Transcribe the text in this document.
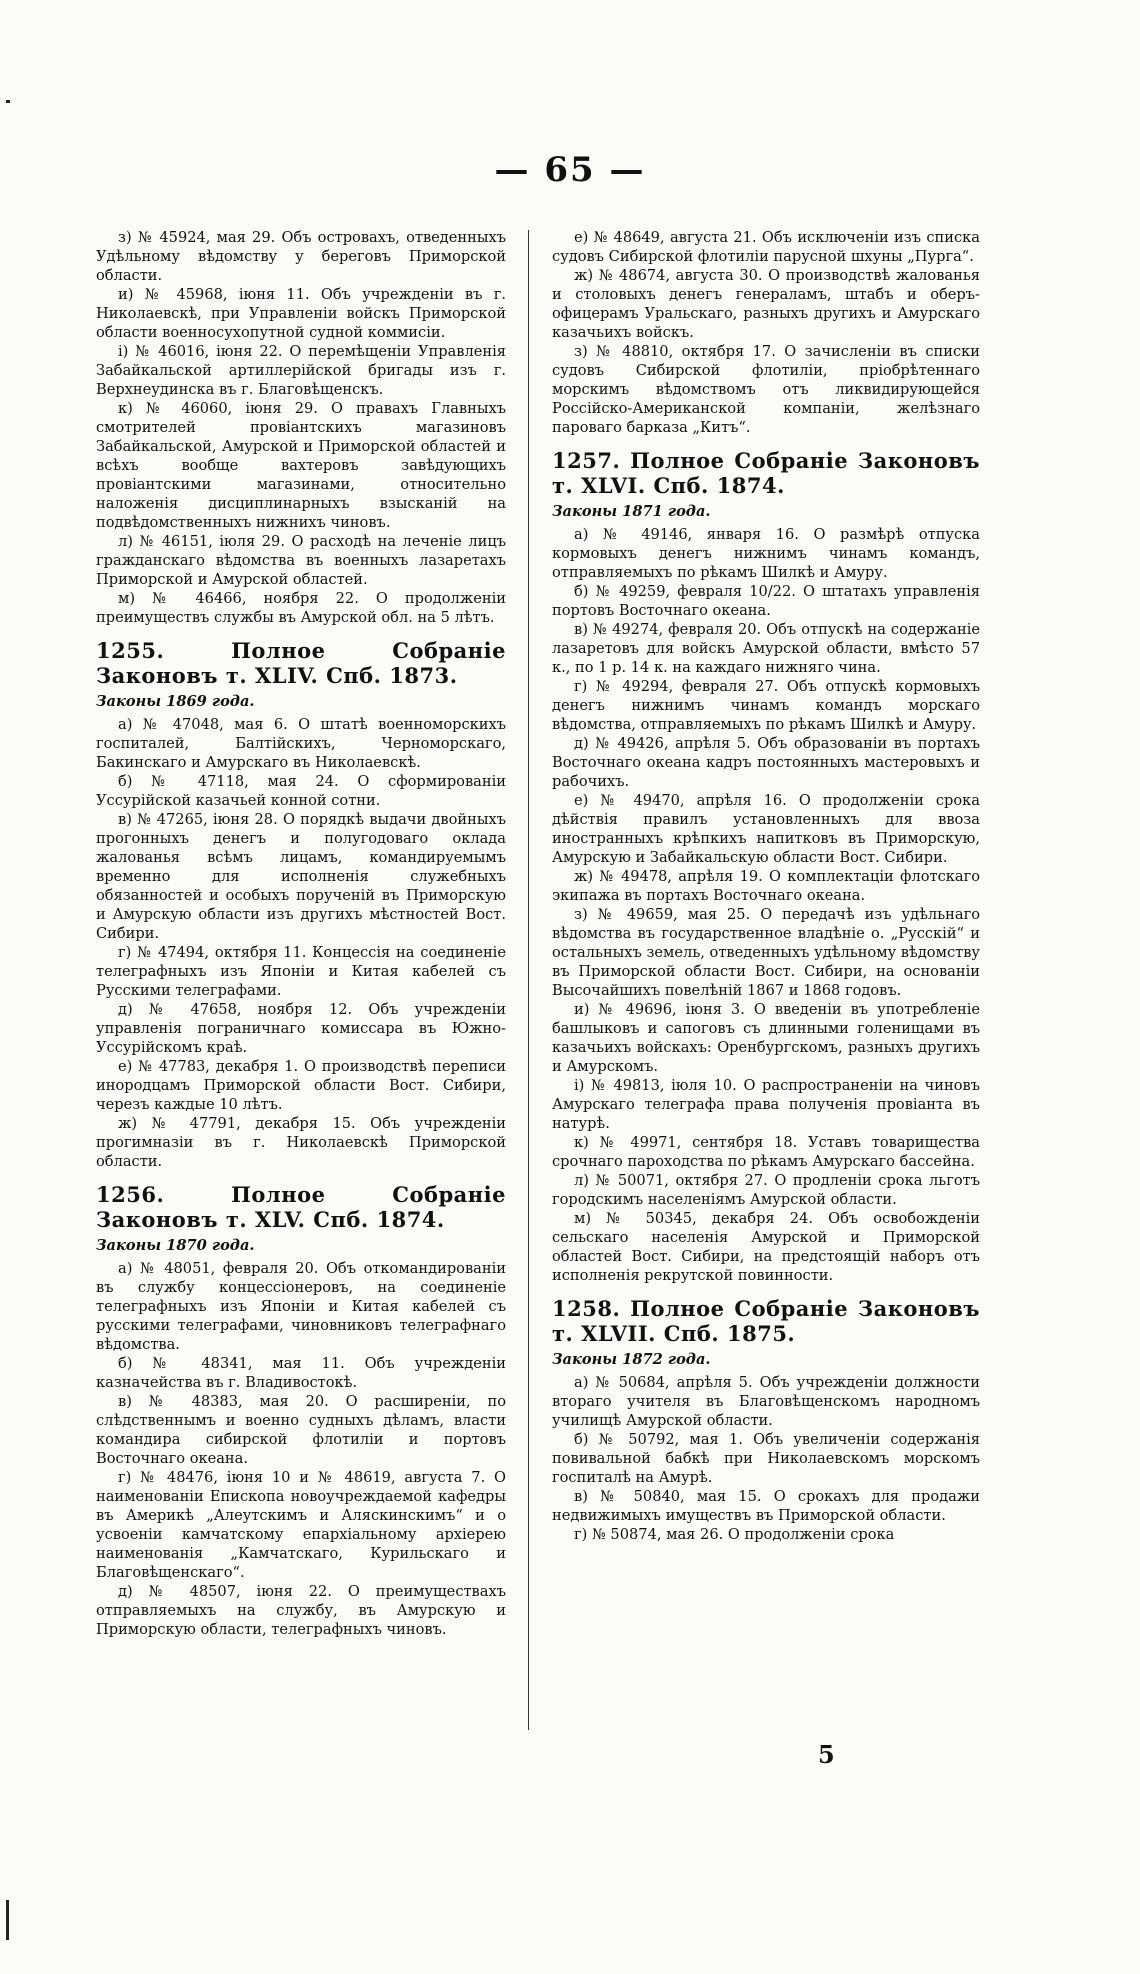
— 65 —

з) № 45924, мая 29. Объ островахъ, отведенныхъ Удѣльному вѣдомству у береговъ Приморской области.

и) № 45968, іюня 11. Объ учрежденіи въ г. Николаевскѣ, при Управленіи войскъ Приморской области военносухопутной судной коммисіи.

і) № 46016, іюня 22. О перемѣщеніи Управленія Забайкальской артиллерійской бригады изъ г. Верхнеудинска въ г. Благовѣщенскъ.

к) № 46060, іюня 29. О правахъ Главныхъ смотрителей провіантскихъ магазиновъ Забайкальской, Амурской и Приморской областей и всѣхъ вообще вахтеровъ завѣдующихъ провіантскими магазинами, относительно наложенія дисциплинарныхъ взысканій на подвѣдомственныхъ нижнихъ чиновъ.

л) № 46151, іюля 29. О расходѣ на леченіе лицъ гражданскаго вѣдомства въ военныхъ лазаретахъ Приморской и Амурской областей.

м) № 46466, ноября 22. О продолженіи преимуществъ службы въ Амурской обл. на 5 лѣтъ.

1255. Полное Собраніе Законовъ т. XLIV. Спб. 1873.

Законы 1869 года.

а) № 47048, мая 6. О штатѣ военноморскихъ госпиталей, Балтійскихъ, Черноморскаго, Бакинскаго и Амурскаго въ Николаевскѣ.

б) № 47118, мая 24. О сформированіи Уссурійской казачьей конной сотни.

в) № 47265, іюня 28. О порядкѣ выдачи двойныхъ прогонныхъ денегъ и полугодоваго оклада жалованья всѣмъ лицамъ, командируемымъ временно для исполненія служебныхъ обязанностей и особыхъ порученій въ Приморскую и Амурскую области изъ другихъ мѣстностей Вост. Сибири.

г) № 47494, октября 11. Концессія на соединеніе телеграфныхъ изъ Японіи и Китая кабелей съ Русскими телеграфами.

д) № 47658, ноября 12. Объ учрежденіи управленія пограничнаго комиссара въ Южно-Уссурійскомъ краѣ.

е) № 47783, декабря 1. О производствѣ переписи инородцамъ Приморской области Вост. Сибири, черезъ каждые 10 лѣтъ.

ж) № 47791, декабря 15. Объ учрежденіи прогимназіи въ г. Николаевскѣ Приморской области.

1256. Полное Собраніе Законовъ т. XLV. Спб. 1874.

Законы 1870 года.

а) № 48051, февраля 20. Объ откомандированіи въ службу концессіонеровъ, на соединеніе телеграфныхъ изъ Японіи и Китая кабелей съ русскими телеграфами, чиновниковъ телеграфнаго вѣдомства.

б) № 48341, мая 11. Объ учрежденіи казначейства въ г. Владивостокѣ.

в) № 48383, мая 20. О расширеніи, по слѣдственнымъ и военно судныхъ дѣламъ, власти командира сибирской флотиліи и портовъ Восточнаго океана.

г) № 48476, іюня 10 и № 48619, августа 7. О наименованіи Епископа новоучреждаемой кафедры въ Америкѣ „Алеутскимъ и Аляскинскимъ“ и о усвоеніи камчатскому епархіальному архіерею наименованія „Камчатскаго, Курильскаго и Благовѣщенскаго“.

д) № 48507, іюня 22. О преимуществахъ отправляемыхъ на службу, въ Амурскую и Приморскую области, телеграфныхъ чиновъ.

е) № 48649, августа 21. Объ исключеніи изъ списка судовъ Сибирской флотиліи парусной шхуны „Пурга“.

ж) № 48674, августа 30. О производствѣ жалованья и столовыхъ денегъ генераламъ, штабъ и оберъ-офицерамъ Уральскаго, разныхъ другихъ и Амурскаго казачьихъ войскъ.

з) № 48810, октября 17. О зачисленіи въ списки судовъ Сибирской флотиліи, пріобрѣтеннаго морскимъ вѣдомствомъ отъ ликвидирующейся Россійско-Американской компаніи, желѣзнаго пароваго барказа „Китъ“.

1257. Полное Собраніе Законовъ т. XLVI. Спб. 1874.

Законы 1871 года.

а) № 49146, января 16. О размѣрѣ отпуска кормовыхъ денегъ нижнимъ чинамъ командъ, отправляемыхъ по рѣкамъ Шилкѣ и Амуру.

б) № 49259, февраля 10/22. О штатахъ управленія портовъ Восточнаго океана.

в) № 49274, февраля 20. Объ отпускѣ на содержаніе лазаретовъ для войскъ Амурской области, вмѣсто 57 к., по 1 р. 14 к. на каждаго нижняго чина.

г) № 49294, февраля 27. Объ отпускѣ кормовыхъ денегъ нижнимъ чинамъ командъ морскаго вѣдомства, отправляемыхъ по рѣкамъ Шилкѣ и Амуру.

д) № 49426, апрѣля 5. Объ образованіи въ портахъ Восточнаго океана кадръ постоянныхъ мастеровыхъ и рабочихъ.

е) № 49470, апрѣля 16. О продолженіи срока дѣйствія правилъ установленныхъ для ввоза иностранныхъ крѣпкихъ напитковъ въ Приморскую, Амурскую и Забайкальскую области Вост. Сибири.

ж) № 49478, апрѣля 19. О комплектаціи флотскаго экипажа въ портахъ Восточнаго океана.

з) № 49659, мая 25. О передачѣ изъ удѣльнаго вѣдомства въ государственное владѣніе о. „Русскій“ и остальныхъ земель, отведенныхъ удѣльному вѣдомству въ Приморской области Вост. Сибири, на основаніи Высочайшихъ повелѣній 1867 и 1868 годовъ.

и) № 49696, іюня 3. О введеніи въ употребленіе башлыковъ и сапоговъ съ длинными голенищами въ казачьихъ войскахъ: Оренбургскомъ, разныхъ другихъ и Амурскомъ.

і) № 49813, іюля 10. О распространеніи на чиновъ Амурскаго телеграфа права полученія провіанта въ натурѣ.

к) № 49971, сентября 18. Уставъ товарищества срочнаго пароходства по рѣкамъ Амурскаго бассейна.

л) № 50071, октября 27. О продленіи срока льготъ городскимъ населеніямъ Амурской области.

м) № 50345, декабря 24. Объ освобожденіи сельскаго населенія Амурской и Приморской областей Вост. Сибири, на предстоящій наборъ отъ исполненія рекрутской повинности.

1258. Полное Собраніе Законовъ т. XLVII. Спб. 1875.

Законы 1872 года.

а) № 50684, апрѣля 5. Объ учрежденіи должности втораго учителя въ Благовѣщенскомъ народномъ училищѣ Амурской области.

б) № 50792, мая 1. Объ увеличеніи содержанія повивальной бабкѣ при Николаевскомъ морскомъ госпиталѣ на Амурѣ.

в) № 50840, мая 15. О срокахъ для продажи недвижимыхъ имуществъ въ Приморской области.

г) № 50874, мая 26. О продолженіи срока

5
